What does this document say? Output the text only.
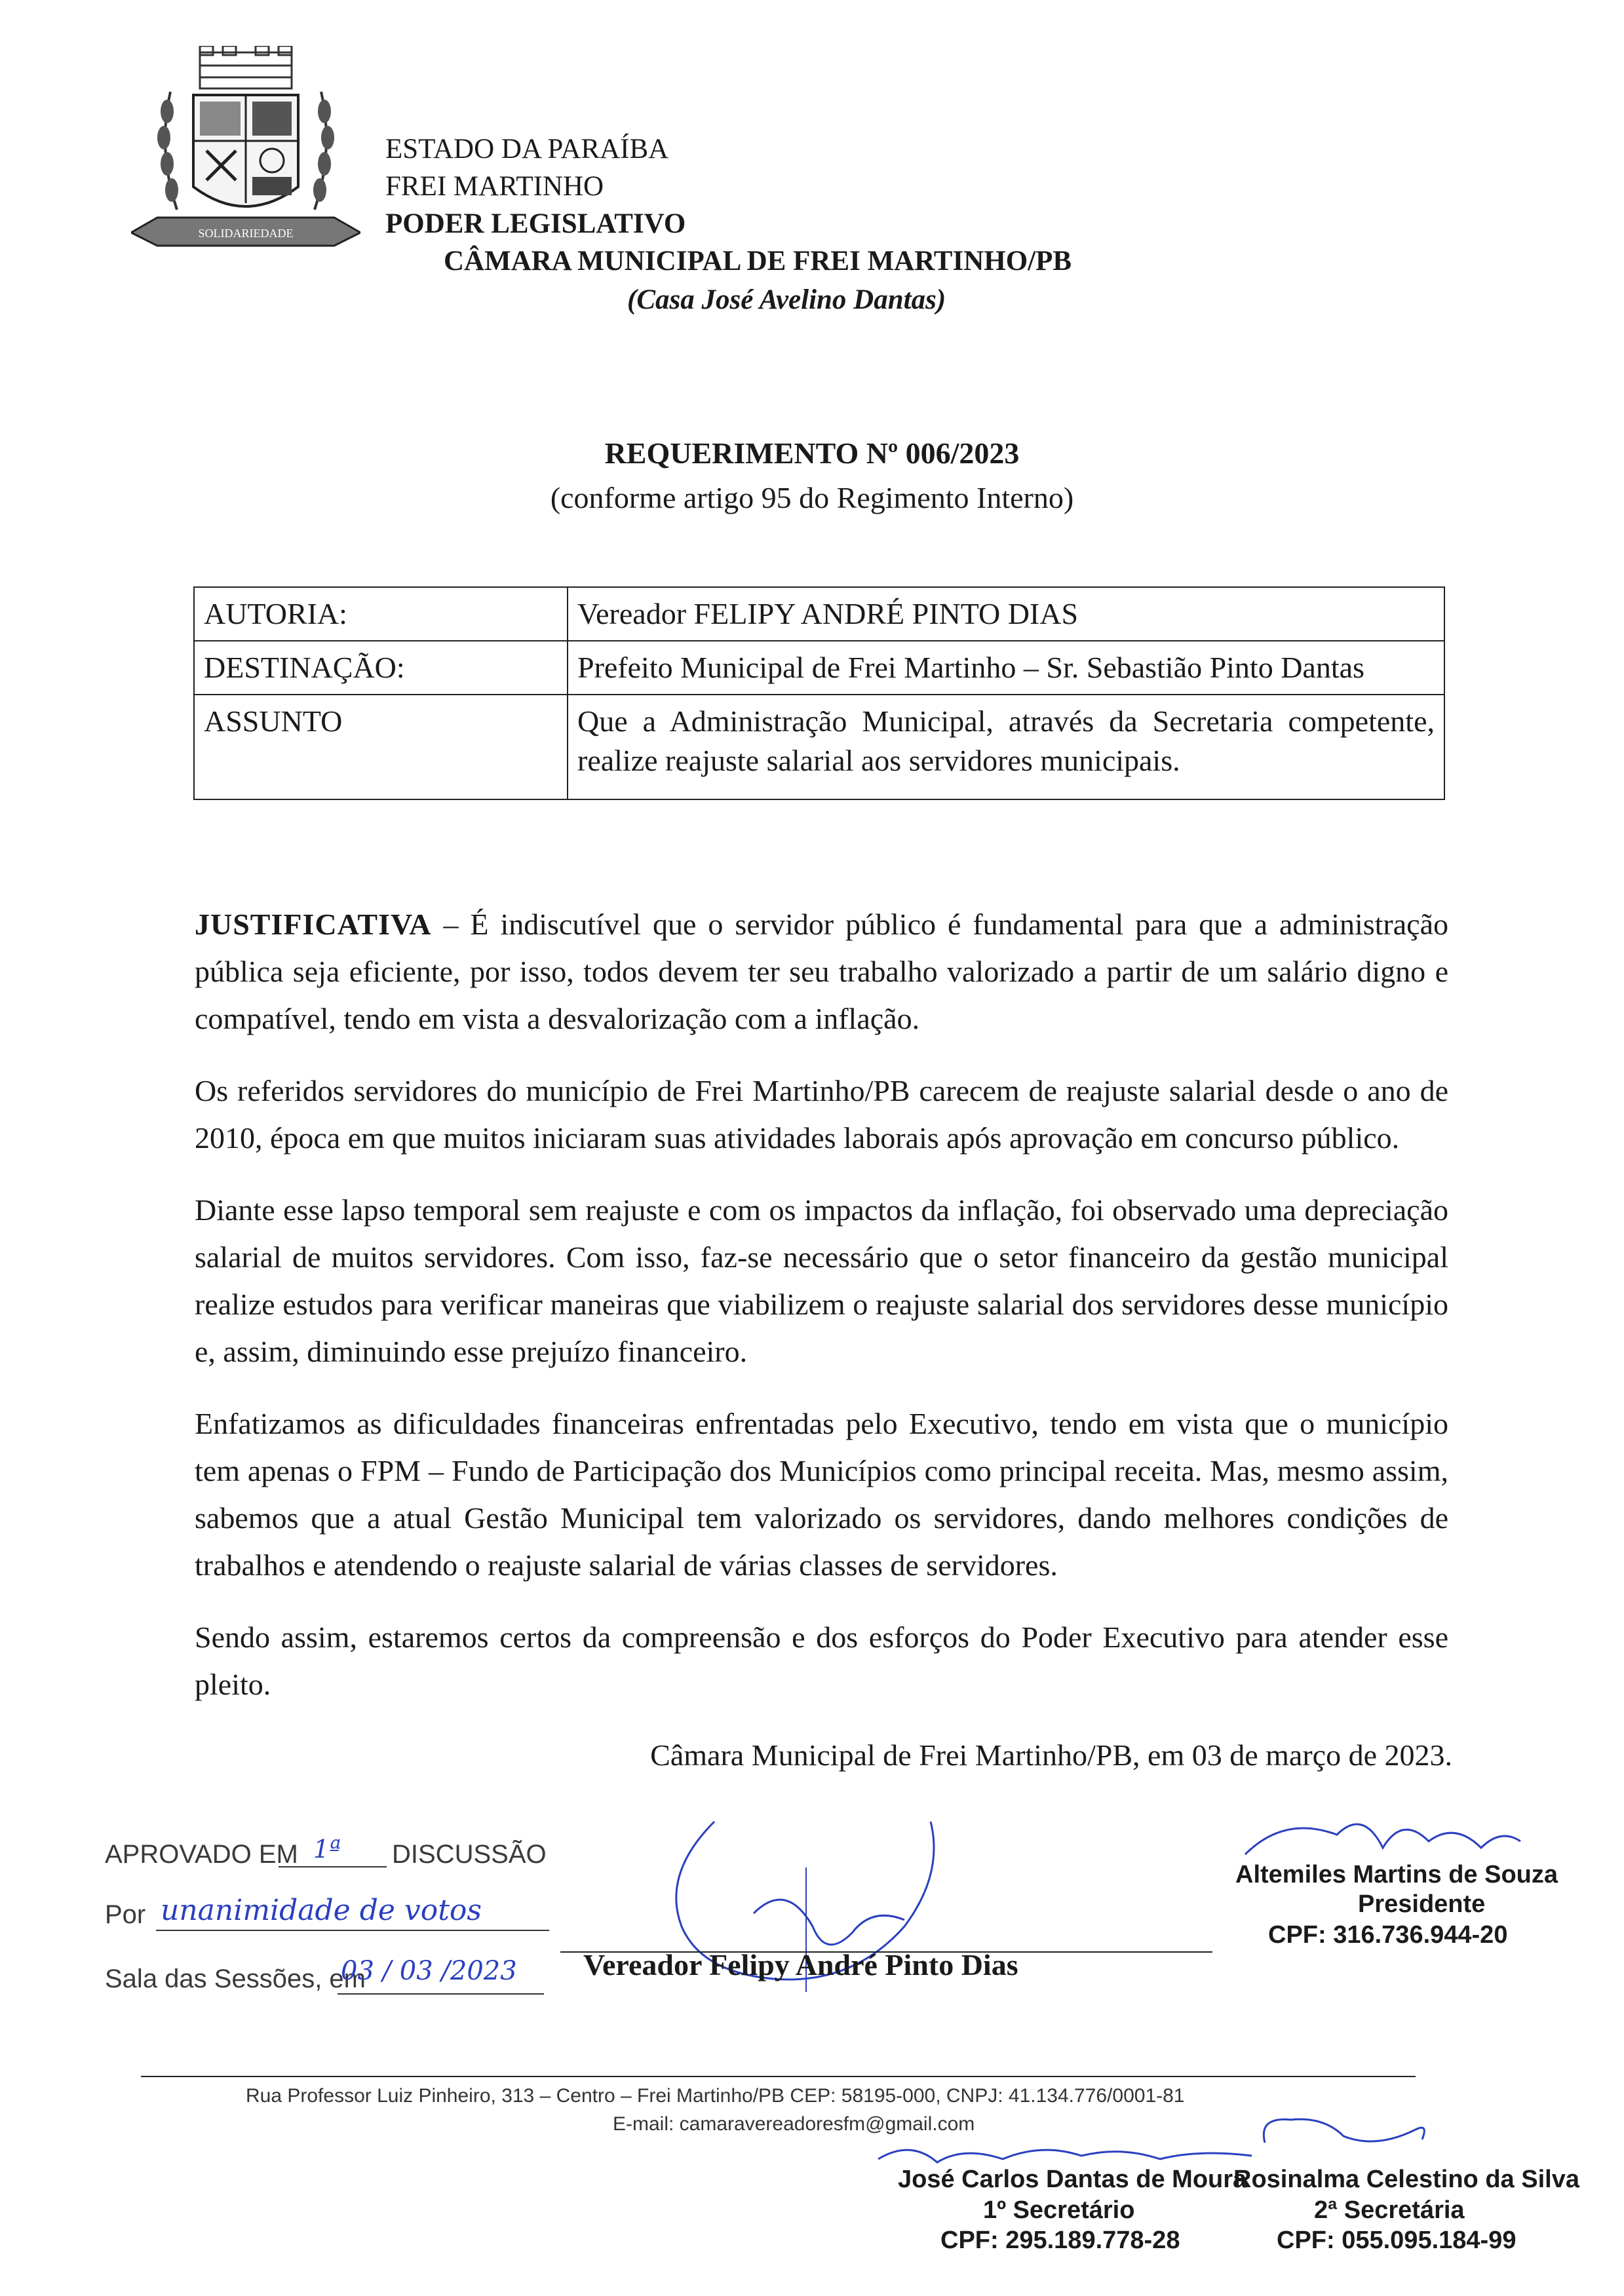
SOLIDARIEDADE
ESTADO DA PARAÍBA
FREI MARTINHO
PODER LEGISLATIVO
CÂMARA MUNICIPAL DE FREI MARTINHO/PB
(Casa José Avelino Dantas)
REQUERIMENTO Nº 006/2023
(conforme artigo 95 do Regimento Interno)
AUTORIA:	Vereador FELIPY ANDRÉ PINTO DIAS
DESTINAÇÃO:	Prefeito Municipal de Frei Martinho – Sr. Sebastião Pinto Dantas
ASSUNTO	Que a Administração Municipal, através da Secretaria competente, realize reajuste salarial aos servidores municipais.

JUSTIFICATIVA – É indiscutível que o servidor público é fundamental para que a administração pública seja eficiente, por isso, todos devem ter seu trabalho valorizado a partir de um salário digno e compatível, tendo em vista a desvalorização com a inflação.

Os referidos servidores do município de Frei Martinho/PB carecem de reajuste salarial desde o ano de 2010, época em que muitos iniciaram suas atividades laborais após aprovação em concurso público.

Diante esse lapso temporal sem reajuste e com os impactos da inflação, foi observado uma depreciação salarial de muitos servidores. Com isso, faz-se necessário que o setor financeiro da gestão municipal realize estudos para verificar maneiras que viabilizem o reajuste salarial dos servidores desse município e, assim, diminuindo esse prejuízo financeiro.

Enfatizamos as dificuldades financeiras enfrentadas pelo Executivo, tendo em vista que o município tem apenas o FPM – Fundo de Participação dos Municípios como principal receita. Mas, mesmo assim, sabemos que a atual Gestão Municipal tem valorizado os servidores, dando melhores condições de trabalhos e atendendo o reajuste salarial de várias classes de servidores.

Sendo assim, estaremos certos da compreensão e dos esforços do Poder Executivo para atender esse pleito.

Câmara Municipal de Frei Martinho/PB, em 03 de março de 2023.
APROVADO EM 1ª DISCUSSÃO
Por unanimidade de votos
Sala das Sessões, em
03 / 03 /2023 Vereador Felipy André Pinto Dias
Altemiles Martins de Souza
Presidente
CPF: 316.736.944-20
Rua Professor Luiz Pinheiro, 313 – Centro – Frei Martinho/PB CEP: 58195-000, CNPJ: 41.134.776/0001-81
E-mail: camaravereadoresfm@gmail.com
José Carlos Dantas de Moura
1º Secretário
CPF: 295.189.778-28
Rosinalma Celestino da Silva
2ª Secretária
CPF: 055.095.184-99
